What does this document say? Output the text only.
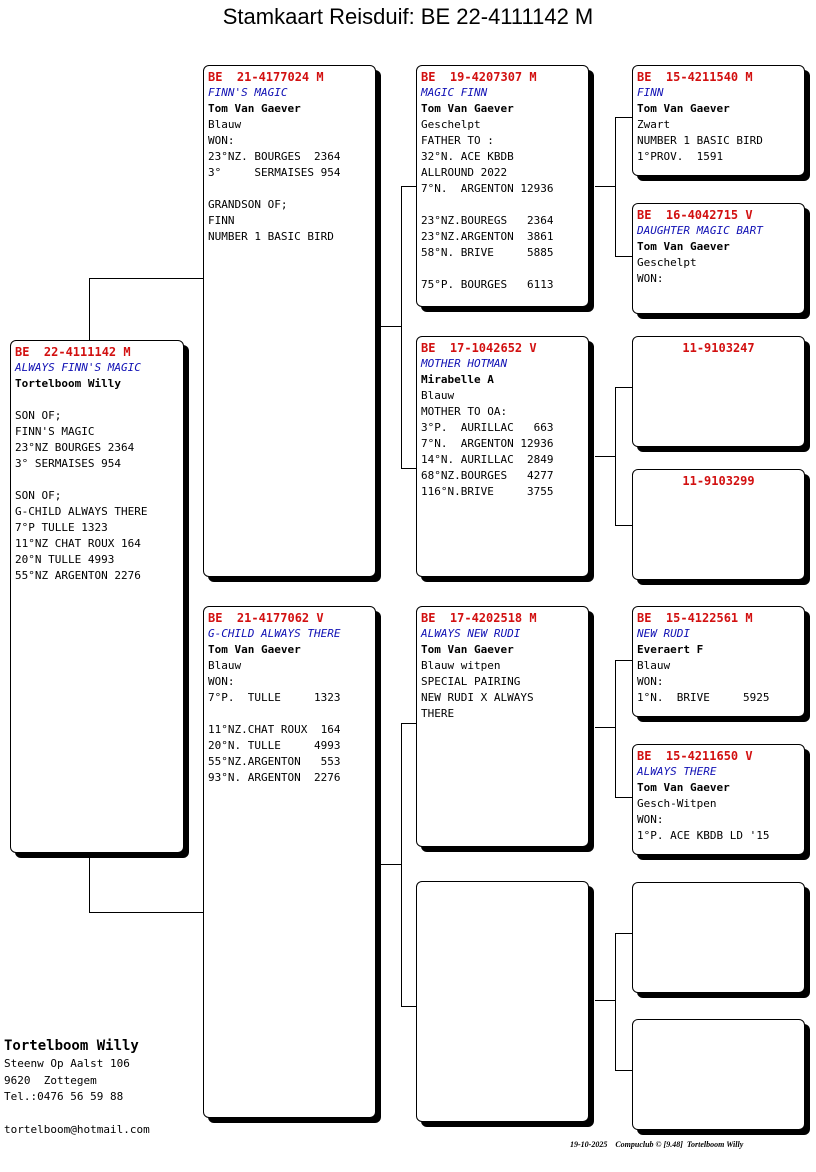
Stamkaart Reisduif: BE 22-4111142 M
BE  22-4111142 M
ALWAYS FINN'S MAGIC
Tortelboom Willy
SON OF;
FINN'S MAGIC
23°NZ BOURGES 2364
3° SERMAISES 954
SON OF;
G-CHILD ALWAYS THERE
7°P TULLE 1323
11°NZ CHAT ROUX 164
20°N TULLE 4993
55°NZ ARGENTON 2276
BE  21-4177024 M
FINN'S MAGIC
Tom Van Gaever
Blauw
WON:
23°NZ. BOURGES  2364
3°     SERMAISES 954
GRANDSON OF;
FINN
NUMBER 1 BASIC BIRD
BE  21-4177062 V
G-CHILD ALWAYS THERE
Tom Van Gaever
Blauw
WON:
7°P.  TULLE     1323
11°NZ.CHAT ROUX  164
20°N. TULLE     4993
55°NZ.ARGENTON   553
93°N. ARGENTON  2276
BE  19-4207307 M
MAGIC FINN
Tom Van Gaever
Geschelpt
FATHER TO :
32°N. ACE KBDB
ALLROUND 2022
7°N.  ARGENTON 12936
23°NZ.BOUREGS   2364
23°NZ.ARGENTON  3861
58°N. BRIVE     5885
75°P. BOURGES   6113
BE  17-1042652 V
MOTHER HOTMAN
Mirabelle A
Blauw
MOTHER TO OA:
3°P.  AURILLAC   663
7°N.  ARGENTON 12936
14°N. AURILLAC  2849
68°NZ.BOURGES   4277
116°N.BRIVE     3755
BE  17-4202518 M
ALWAYS NEW RUDI
Tom Van Gaever
Blauw witpen
SPECIAL PAIRING
NEW RUDI X ALWAYS
THERE
BE  15-4211540 M
FINN
Tom Van Gaever
Zwart
NUMBER 1 BASIC BIRD
1°PROV.  1591
BE  16-4042715 V
DAUGHTER MAGIC BART
Tom Van Gaever
Geschelpt
WON:
11-9103247
11-9103299
BE  15-4122561 M
NEW RUDI
Everaert F
Blauw
WON:
1°N.  BRIVE     5925
BE  15-4211650 V
ALWAYS THERE
Tom Van Gaever
Gesch-Witpen
WON:
1°P. ACE KBDB LD '15
Tortelboom Willy
Steenw Op Aalst 106
9620  Zottegem
Tel.:0476 56 59 88
tortelboom@hotmail.com
19-10-2025    Compuclub © [9.48]  Tortelboom Willy
